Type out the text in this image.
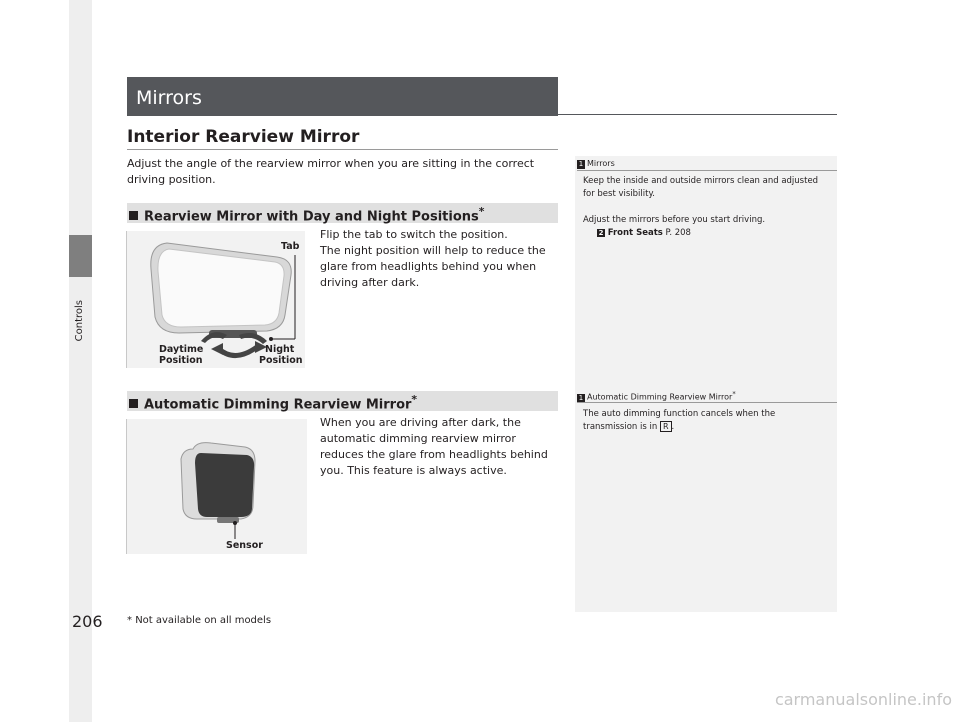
Controls
206
Mirrors
Interior Rearview Mirror
Adjust the angle of the rearview mirror when you are sitting in the correct driving position.
Rearview Mirror with Day and Night Positions*
Tab
Daytime
Position
Night
Position
Flip the tab to switch the position.
The night position will help to reduce the glare from headlights behind you when driving after dark.
Automatic Dimming Rearview Mirror*
Sensor
When you are driving after dark, the automatic dimming rearview mirror reduces the glare from headlights behind you. This feature is always active.
1 Mirrors
Keep the inside and outside mirrors clean and adjusted for best visibility.
Adjust the mirrors before you start driving.
2 Front Seats P. 208
1 Automatic Dimming Rearview Mirror*
The auto dimming function cancels when the transmission is in R .
* Not available on all models
carmanualsonline.info
